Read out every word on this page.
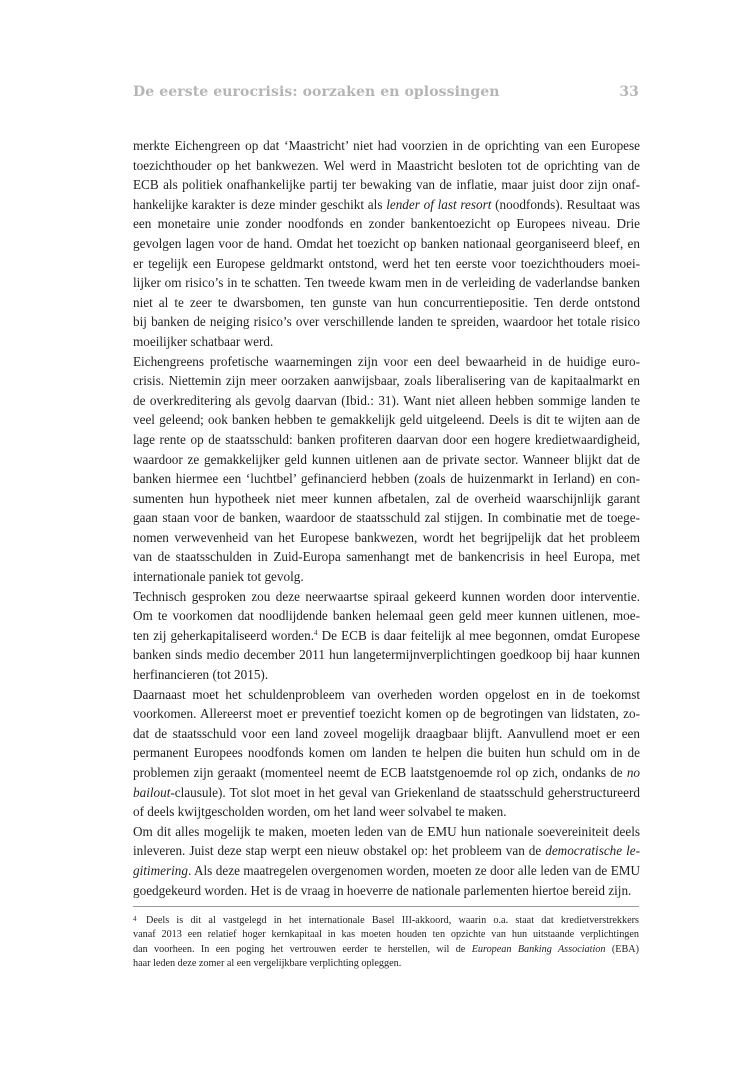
De eerste eurocrisis: oorzaken en oplossingen	33

merkte Eichengreen op dat ‘Maastricht’ niet had voorzien in de oprichting van een Europese
toezichthouder op het bankwezen. Wel werd in Maastricht besloten tot de oprichting van de
ECB als politiek onafhankelijke partij ter bewaking van de inflatie, maar juist door zijn onaf-
hankelijke karakter is deze minder geschikt als lender of last resort (noodfonds). Resultaat was
een monetaire unie zonder noodfonds en zonder bankentoezicht op Europees niveau. Drie
gevolgen lagen voor de hand. Omdat het toezicht op banken nationaal georganiseerd bleef, en
er tegelijk een Europese geldmarkt ontstond, werd het ten eerste voor toezichthouders moei-
lijker om risico’s in te schatten. Ten tweede kwam men in de verleiding de vaderlandse banken
niet al te zeer te dwarsbomen, ten gunste van hun concurrentiepositie. Ten derde ontstond
bij banken de neiging risico’s over verschillende landen te spreiden, waardoor het totale risico
moeilijker schatbaar werd.

Eichengreens profetische waarnemingen zijn voor een deel bewaarheid in de huidige euro-
crisis. Niettemin zijn meer oorzaken aanwijsbaar, zoals liberalisering van de kapitaalmarkt en
de overkreditering als gevolg daarvan (Ibid.: 31). Want niet alleen hebben sommige landen te
veel geleend; ook banken hebben te gemakkelijk geld uitgeleend. Deels is dit te wijten aan de
lage rente op de staatsschuld: banken profiteren daarvan door een hogere kredietwaardigheid,
waardoor ze gemakkelijker geld kunnen uitlenen aan de private sector. Wanneer blijkt dat de
banken hiermee een ‘luchtbel’ gefinancierd hebben (zoals de huizenmarkt in Ierland) en con-
sumenten hun hypotheek niet meer kunnen afbetalen, zal de overheid waarschijnlijk garant
gaan staan voor de banken, waardoor de staatsschuld zal stijgen. In combinatie met de toege-
nomen verwevenheid van het Europese bankwezen, wordt het begrijpelijk dat het probleem
van de staatsschulden in Zuid-Europa samenhangt met de bankencrisis in heel Europa, met
internationale paniek tot gevolg.

Technisch gesproken zou deze neerwaartse spiraal gekeerd kunnen worden door interventie.
Om te voorkomen dat noodlijdende banken helemaal geen geld meer kunnen uitlenen, moe-
ten zij geherkapitaliseerd worden.$^4$ De ECB is daar feitelijk al mee begonnen, omdat Europese
banken sinds medio december 2011 hun langetermijnverplichtingen goedkoop bij haar kunnen
herfinancieren (tot 2015).

Daarnaast moet het schuldenprobleem van overheden worden opgelost en in de toekomst
voorkomen. Allereerst moet er preventief toezicht komen op de begrotingen van lidstaten, zo-
dat de staatsschuld voor een land zoveel mogelijk draagbaar blijft. Aanvullend moet er een
permanent Europees noodfonds komen om landen te helpen die buiten hun schuld om in de
problemen zijn geraakt (momenteel neemt de ECB laatstgenoemde rol op zich, ondanks de no
bailout-clausule). Tot slot moet in het geval van Griekenland de staatsschuld geherstructureerd
of deels kwijtgescholden worden, om het land weer solvabel te maken.

Om dit alles mogelijk te maken, moeten leden van de EMU hun nationale soevereiniteit deels
inleveren. Juist deze stap werpt een nieuw obstakel op: het probleem van de democratische le-
gitimering. Als deze maatregelen overgenomen worden, moeten ze door alle leden van de EMU
goedgekeurd worden. Het is de vraag in hoeverre de nationale parlementen hiertoe bereid zijn.

4 Deels is dit al vastgelegd in het internationale Basel III-akkoord, waarin o.a. staat dat kredietverstrekkers
vanaf 2013 een relatief hoger kernkapitaal in kas moeten houden ten opzichte van hun uitstaande verplichtingen
dan voorheen. In een poging het vertrouwen eerder te herstellen, wil de European Banking Association (EBA)
haar leden deze zomer al een vergelijkbare verplichting opleggen.
